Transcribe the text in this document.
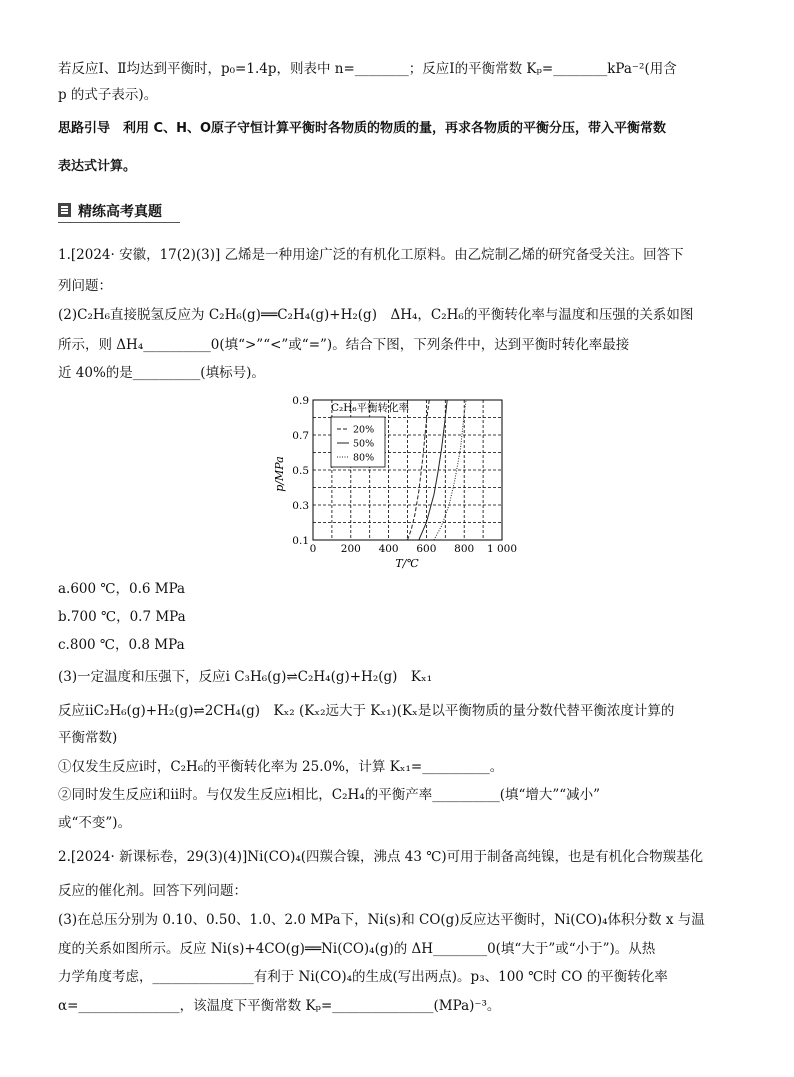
若反应Ⅰ、Ⅱ均达到平衡时，p₀=1.4p，则表中 n=________；反应Ⅰ的平衡常数 Kₚ=________kPa⁻²(用含
p 的式子表示)。
思路引导　利用 C、H、O原子守恒计算平衡时各物质的物质的量，再求各物质的平衡分压，带入平衡常数
表达式计算。
精练高考真题
1.[2024· 安徽，17(2)(3)] 乙烯是一种用途广泛的有机化工原料。由乙烷制乙烯的研究备受关注。回答下
列问题：
(2)C₂H₆直接脱氢反应为 C₂H₆(g)══C₂H₄(g)+H₂(g)　ΔH₄，C₂H₆的平衡转化率与温度和压强的关系如图
所示，则 ΔH₄__________0(填“>”“<”或“=”)。结合下图，下列条件中，达到平衡时转化率最接
近 40%的是__________(填标号)。
0 200 400 600 800 1 000
0.1
0.3
0.5
0.7
0.9
p/MPa
T/℃
C₂H₆平衡转化率
20%
50%
80%
a.600 ℃，0.6 MPa
b.700 ℃，0.7 MPa
c.800 ℃，0.8 MPa
(3)一定温度和压强下，反应ⅰ C₃H₆(g)⇌C₂H₄(g)+H₂(g)　Kₓ₁
反应ⅱC₂H₆(g)+H₂(g)⇌2CH₄(g)　Kₓ₂ (Kₓ₂远大于 Kₓ₁)(Kₓ是以平衡物质的量分数代替平衡浓度计算的
平衡常数)
①仅发生反应ⅰ时，C₂H₆的平衡转化率为 25.0%，计算 Kₓ₁=__________。
②同时发生反应ⅰ和ⅱ时。与仅发生反应ⅰ相比，C₂H₄的平衡产率__________(填“增大”“减小”
或“不变”)。
2.[2024· 新课标卷，29(3)(4)]Ni(CO)₄(四羰合镍，沸点 43 ℃)可用于制备高纯镍，也是有机化合物羰基化
反应的催化剂。回答下列问题：
(3)在总压分别为 0.10、0.50、1.0、2.0 MPa下，Ni(s)和 CO(g)反应达平衡时，Ni(CO)₄体积分数 x 与温
度的关系如图所示。反应 Ni(s)+4CO(g)══Ni(CO)₄(g)的 ΔH________0(填“大于”或“小于”)。从热
力学角度考虑，_______________有利于 Ni(CO)₄的生成(写出两点)。p₃、100 ℃时 CO 的平衡转化率
α=_______________，该温度下平衡常数 Kₚ=_______________(MPa)⁻³。
